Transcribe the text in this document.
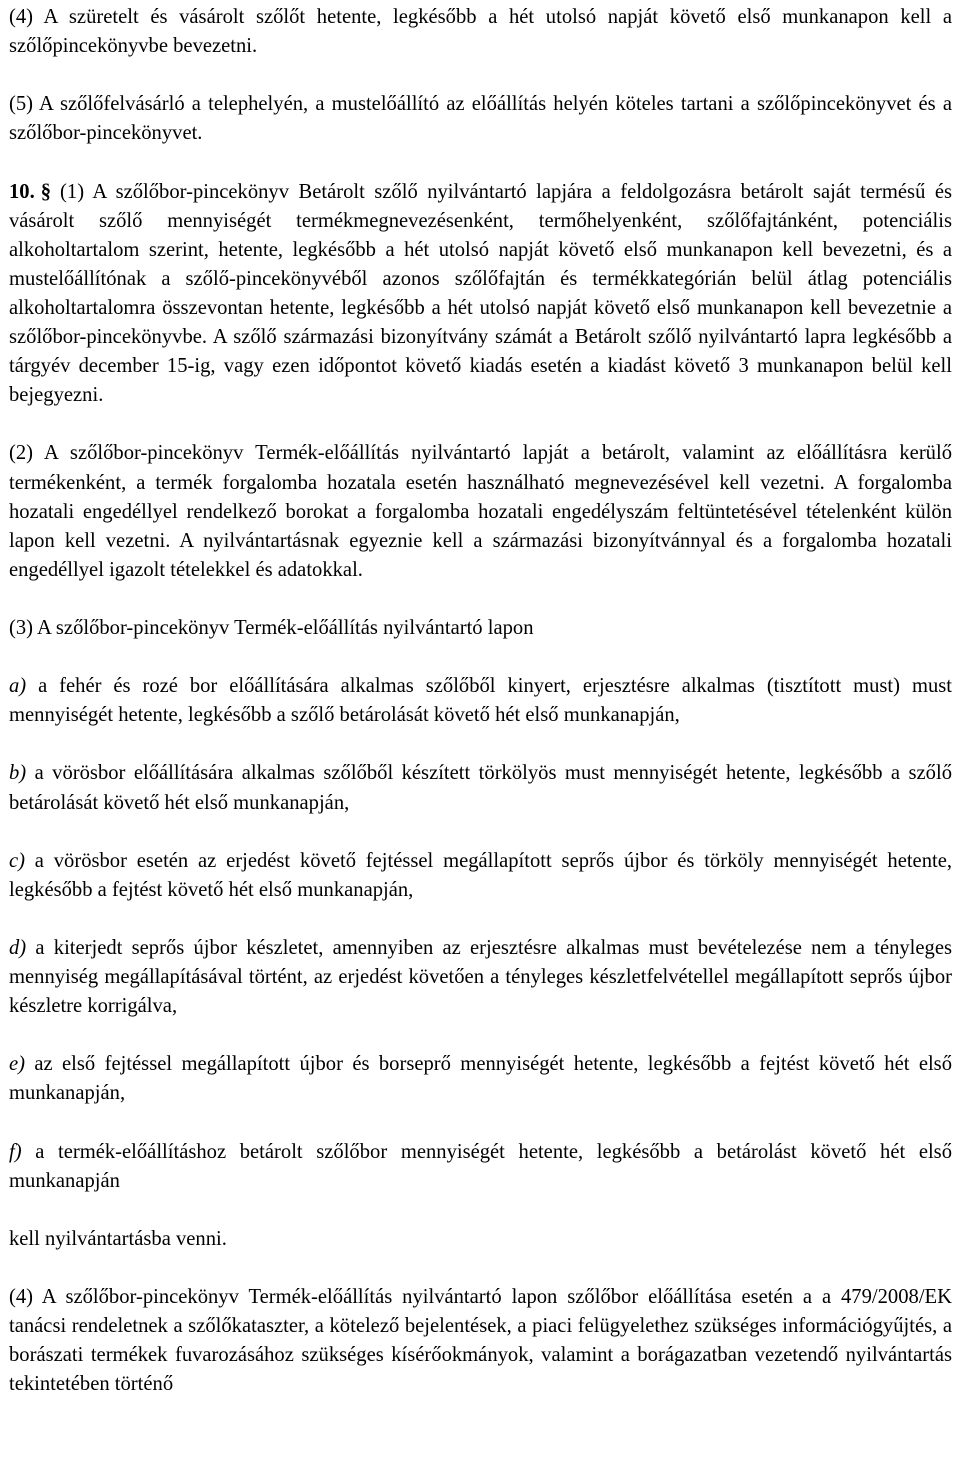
(4) A szüretelt és vásárolt szőlőt hetente, legkésőbb a hét utolsó napját követő első munkanapon kell a szőlőpincekönyvbe bevezetni.

(5) A szőlőfelvásárló a telephelyén, a mustelőállító az előállítás helyén köteles tartani a szőlőpincekönyvet és a szőlőbor-pincekönyvet.

10. § (1) A szőlőbor-pincekönyv Betárolt szőlő nyilvántartó lapjára a feldolgozásra betárolt saját termésű és vásárolt szőlő mennyiségét termékmegnevezésenként, termőhelyenként, szőlőfajtánként, potenciális alkoholtartalom szerint, hetente, legkésőbb a hét utolsó napját követő első munkanapon kell bevezetni, és a mustelőállítónak a szőlő-pincekönyvéből azonos szőlőfajtán és termékkategórián belül átlag potenciális alkoholtartalomra összevontan hetente, legkésőbb a hét utolsó napját követő első munkanapon kell bevezetnie a szőlőbor-pincekönyvbe. A szőlő származási bizonyítvány számát a Betárolt szőlő nyilvántartó lapra legkésőbb a tárgyév december 15-ig, vagy ezen időpontot követő kiadás esetén a kiadást követő 3 munkanapon belül kell bejegyezni.

(2) A szőlőbor-pincekönyv Termék-előállítás nyilvántartó lapját a betárolt, valamint az előállításra kerülő termékenként, a termék forgalomba hozatala esetén használható megnevezésével kell vezetni. A forgalomba hozatali engedéllyel rendelkező borokat a forgalomba hozatali engedélyszám feltüntetésével tételenként külön lapon kell vezetni. A nyilvántartásnak egyeznie kell a származási bizonyítvánnyal és a forgalomba hozatali engedéllyel igazolt tételekkel és adatokkal.

(3) A szőlőbor-pincekönyv Termék-előállítás nyilvántartó lapon

a) a fehér és rozé bor előállítására alkalmas szőlőből kinyert, erjesztésre alkalmas (tisztított must) must mennyiségét hetente, legkésőbb a szőlő betárolását követő hét első munkanapján,

b) a vörösbor előállítására alkalmas szőlőből készített törkölyös must mennyiségét hetente, legkésőbb a szőlő betárolását követő hét első munkanapján,

c) a vörösbor esetén az erjedést követő fejtéssel megállapított seprős újbor és törköly mennyiségét hetente, legkésőbb a fejtést követő hét első munkanapján,

d) a kiterjedt seprős újbor készletet, amennyiben az erjesztésre alkalmas must bevételezése nem a tényleges mennyiség megállapításával történt, az erjedést követően a tényleges készletfelvétellel megállapított seprős újbor készletre korrigálva,

e) az első fejtéssel megállapított újbor és borseprő mennyiségét hetente, legkésőbb a fejtést követő hét első munkanapján,

f) a termék-előállításhoz betárolt szőlőbor mennyiségét hetente, legkésőbb a betárolást követő hét első munkanapján

kell nyilvántartásba venni.

(4) A szőlőbor-pincekönyv Termék-előállítás nyilvántartó lapon szőlőbor előállítása esetén a a 479/2008/EK tanácsi rendeletnek a szőlőkataszter, a kötelező bejelentések, a piaci felügyelethez szükséges információgyűjtés, a borászati termékek fuvarozásához szükséges kísérőokmányok, valamint a borágazatban vezetendő nyilvántartás tekintetében történő
